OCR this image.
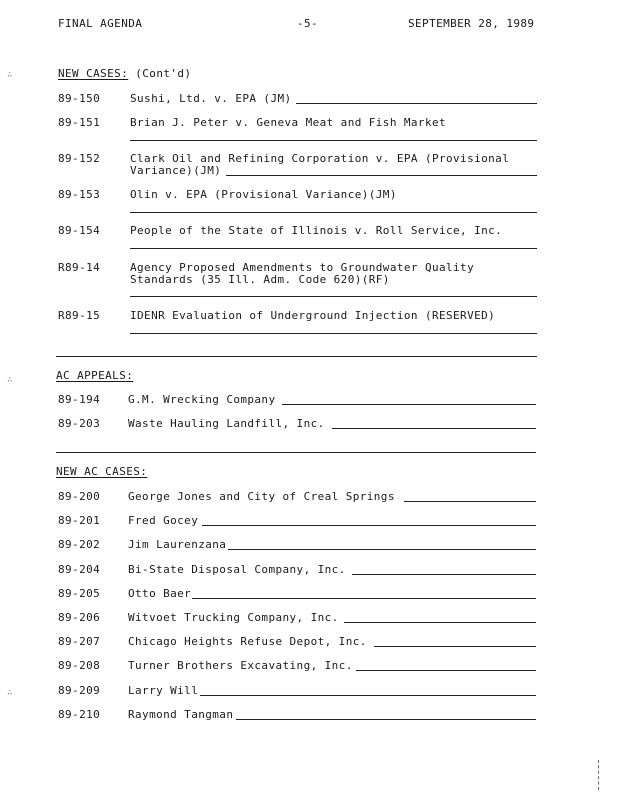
FINAL AGENDA	-5-	SEPTEMBER 28, 1989
∴
∴
∴
NEW CASES: (Cont'd)
89-150	Sushi, Ltd. v. EPA (JM)
89-151	Brian J. Peter v. Geneva Meat and Fish Market
89-152	Clark Oil and Refining Corporation v. EPA (Provisional
Variance)(JM)
89-153	Olin v. EPA (Provisional Variance)(JM)
89-154	People of the State of Illinois v. Roll Service, Inc.
R89-14	Agency Proposed Amendments to Groundwater Quality
Standards (35 Ill. Adm. Code 620)(RF)
R89-15	IDENR Evaluation of Underground Injection (RESERVED)
AC APPEALS:
89-194	G.M. Wrecking Company
89-203	Waste Hauling Landfill, Inc.
NEW AC CASES:
89-200	George Jones and City of Creal Springs
89-201	Fred Gocey
89-202	Jim Laurenzana
89-204	Bi-State Disposal Company, Inc.
89-205	Otto Baer
89-206	Witvoet Trucking Company, Inc.
89-207	Chicago Heights Refuse Depot, Inc.
89-208	Turner Brothers Excavating, Inc.
89-209	Larry Will
89-210	Raymond Tangman
